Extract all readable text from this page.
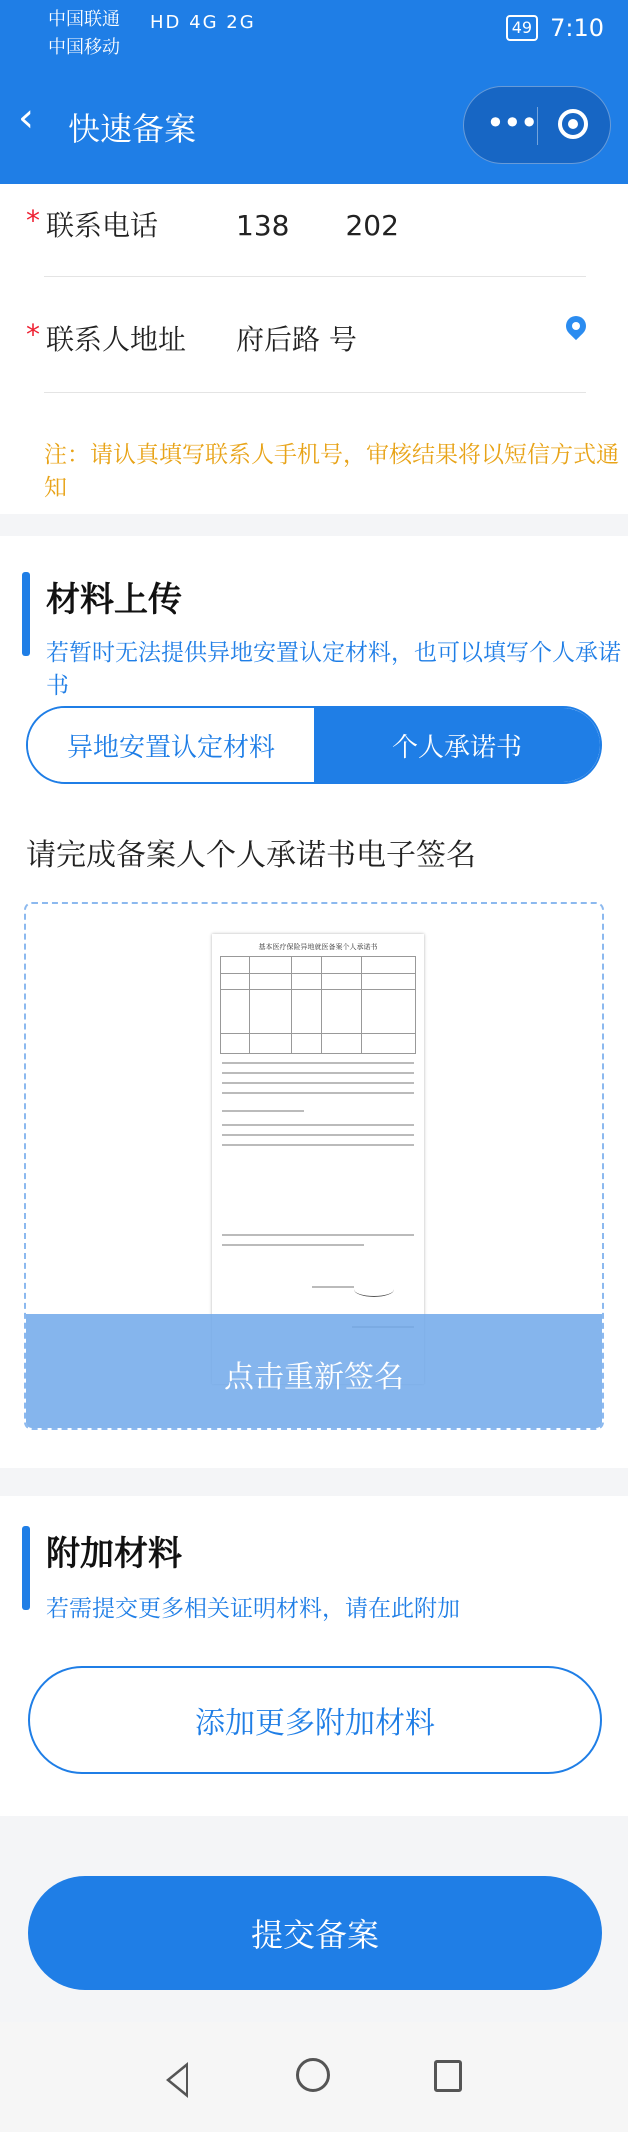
中国联通
中国移动
HD 4G 2G	49 7:10
‹ 快速备案	•••
* 联系电话	138　　202
* 联系人地址 府后路 号
注：请认真填写联系人手机号，审核结果将以短信方式通知
材料上传
若暂时无法提供异地安置认定材料，也可以填写个人承诺书
异地安置认定材料	个人承诺书
请完成备案人个人承诺书电子签名
基本医疗保险异地就医备案个人承诺书
点击重新签名
附加材料
若需提交更多相关证明材料，请在此附加
添加更多附加材料
提交备案
